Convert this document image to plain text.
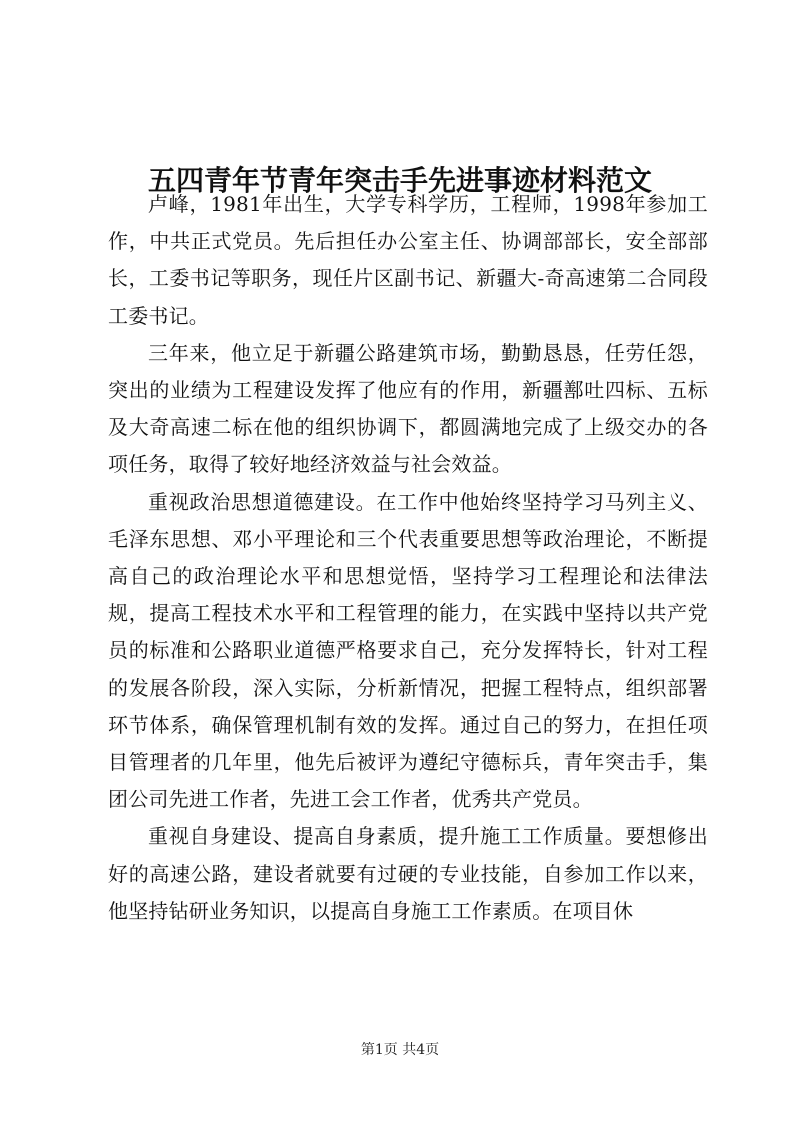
五四青年节青年突击手先进事迹材料范文

卢峰，1981年出生，大学专科学历，工程师，1998年参加工作，中共正式党员。先后担任办公室主任、协调部部长，安全部部长，工委书记等职务，现任片区副书记、新疆大-奇高速第二合同段工委书记。

三年来，他立足于新疆公路建筑市场，勤勤恳恳，任劳任怨，突出的业绩为工程建设发挥了他应有的作用，新疆鄯吐四标、五标及大奇高速二标在他的组织协调下，都圆满地完成了上级交办的各项任务，取得了较好地经济效益与社会效益。

重视政治思想道德建设。在工作中他始终坚持学习马列主义、毛泽东思想、邓小平理论和三个代表重要思想等政治理论，不断提高自己的政治理论水平和思想觉悟，坚持学习工程理论和法律法规，提高工程技术水平和工程管理的能力，在实践中坚持以共产党员的标准和公路职业道德严格要求自己，充分发挥特长，针对工程的发展各阶段，深入实际，分析新情况，把握工程特点，组织部署环节体系，确保管理机制有效的发挥。通过自己的努力，在担任项目管理者的几年里，他先后被评为遵纪守德标兵，青年突击手，集团公司先进工作者，先进工会工作者，优秀共产党员。

重视自身建设、提高自身素质，提升施工工作质量。要想修出好的高速公路，建设者就要有过硬的专业技能，自参加工作以来，他坚持钻研业务知识，以提高自身施工工作素质。在项目休

第1页 共4页
